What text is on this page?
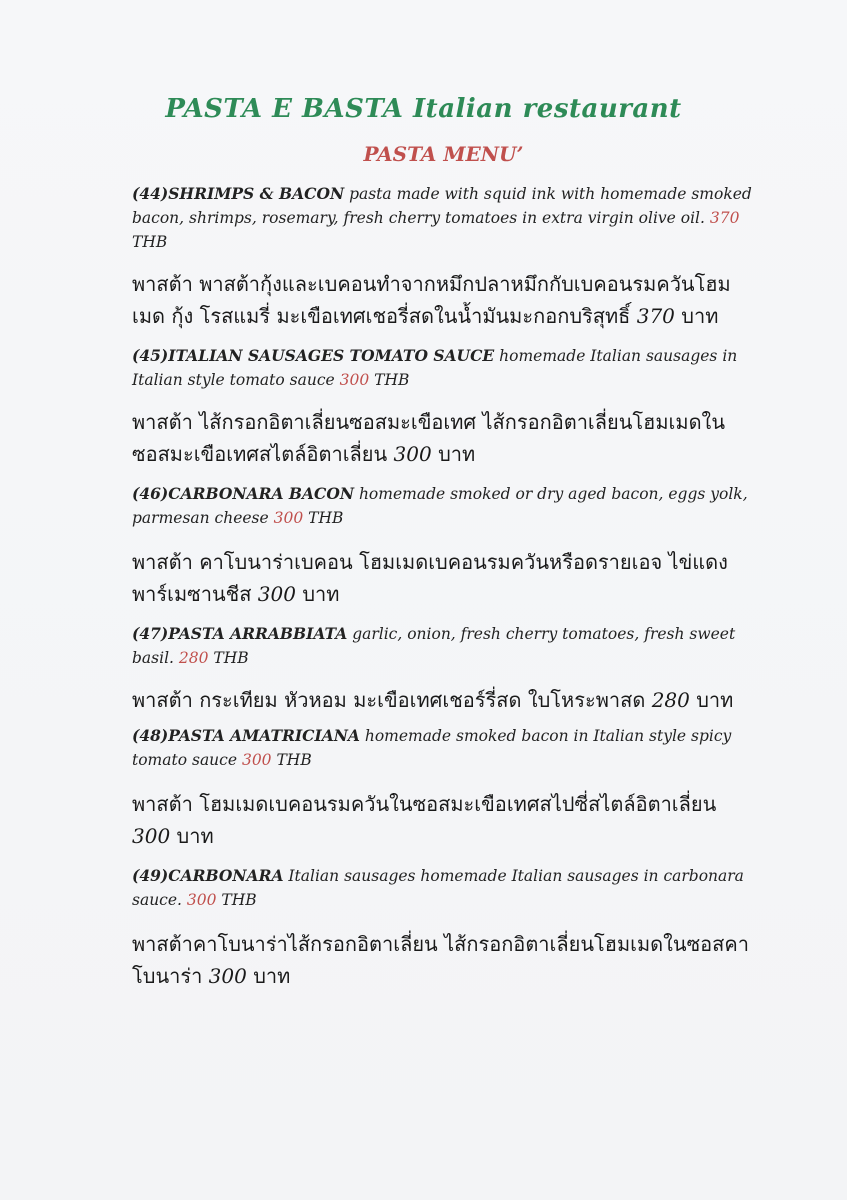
PASTA E BASTA Italian restaurant
PASTA MENU’

(44)SHRIMPS & BACON pasta made with squid ink with homemade smoked bacon, shrimps, rosemary, fresh cherry tomatoes in extra virgin olive oil. 370
THB

พาสต้า พาสต้ากุ้งและเบคอนทำจากหมึกปลาหมึกกับเบคอนรมควันโฮมเมด กุ้ง โรสแมรี่ มะเขือเทศเชอรี่สดในน้ำมันมะกอกบริสุทธิ์ 370 บาท

(45)ITALIAN SAUSAGES TOMATO SAUCE homemade Italian sausages in Italian style tomato sauce 300 THB

พาสต้า ไส้กรอกอิตาเลี่ยนซอสมะเขือเทศ ไส้กรอกอิตาเลี่ยนโฮมเมดในซอสมะเขือเทศสไตล์อิตาเลี่ยน 300 บาท

(46)CARBONARA BACON homemade smoked or dry aged bacon, eggs yolk, parmesan cheese 300 THB

พาสต้า คาโบนาร่าเบคอน โฮมเมดเบคอนรมควันหรือดรายเอจ ไข่แดง พาร์เมซานชีส 300 บาท

(47)PASTA ARRABBIATA garlic, onion, fresh cherry tomatoes, fresh sweet basil. 280 THB

พาสต้า กระเทียม หัวหอม มะเขือเทศเชอร์รี่สด ใบโหระพาสด 280 บาท

(48)PASTA AMATRICIANA homemade smoked bacon in Italian style spicy tomato sauce 300 THB

พาสต้า โฮมเมดเบคอนรมควันในซอสมะเขือเทศสไปซี่สไตล์อิตาเลี่ยน
300 บาท

(49)CARBONARA Italian sausages homemade Italian sausages in carbonara sauce. 300 THB

พาสต้าคาโบนาร่าไส้กรอกอิตาเลี่ยน ไส้กรอกอิตาเลี่ยนโฮมเมดในซอสคาโบนาร่า 300 บาท
